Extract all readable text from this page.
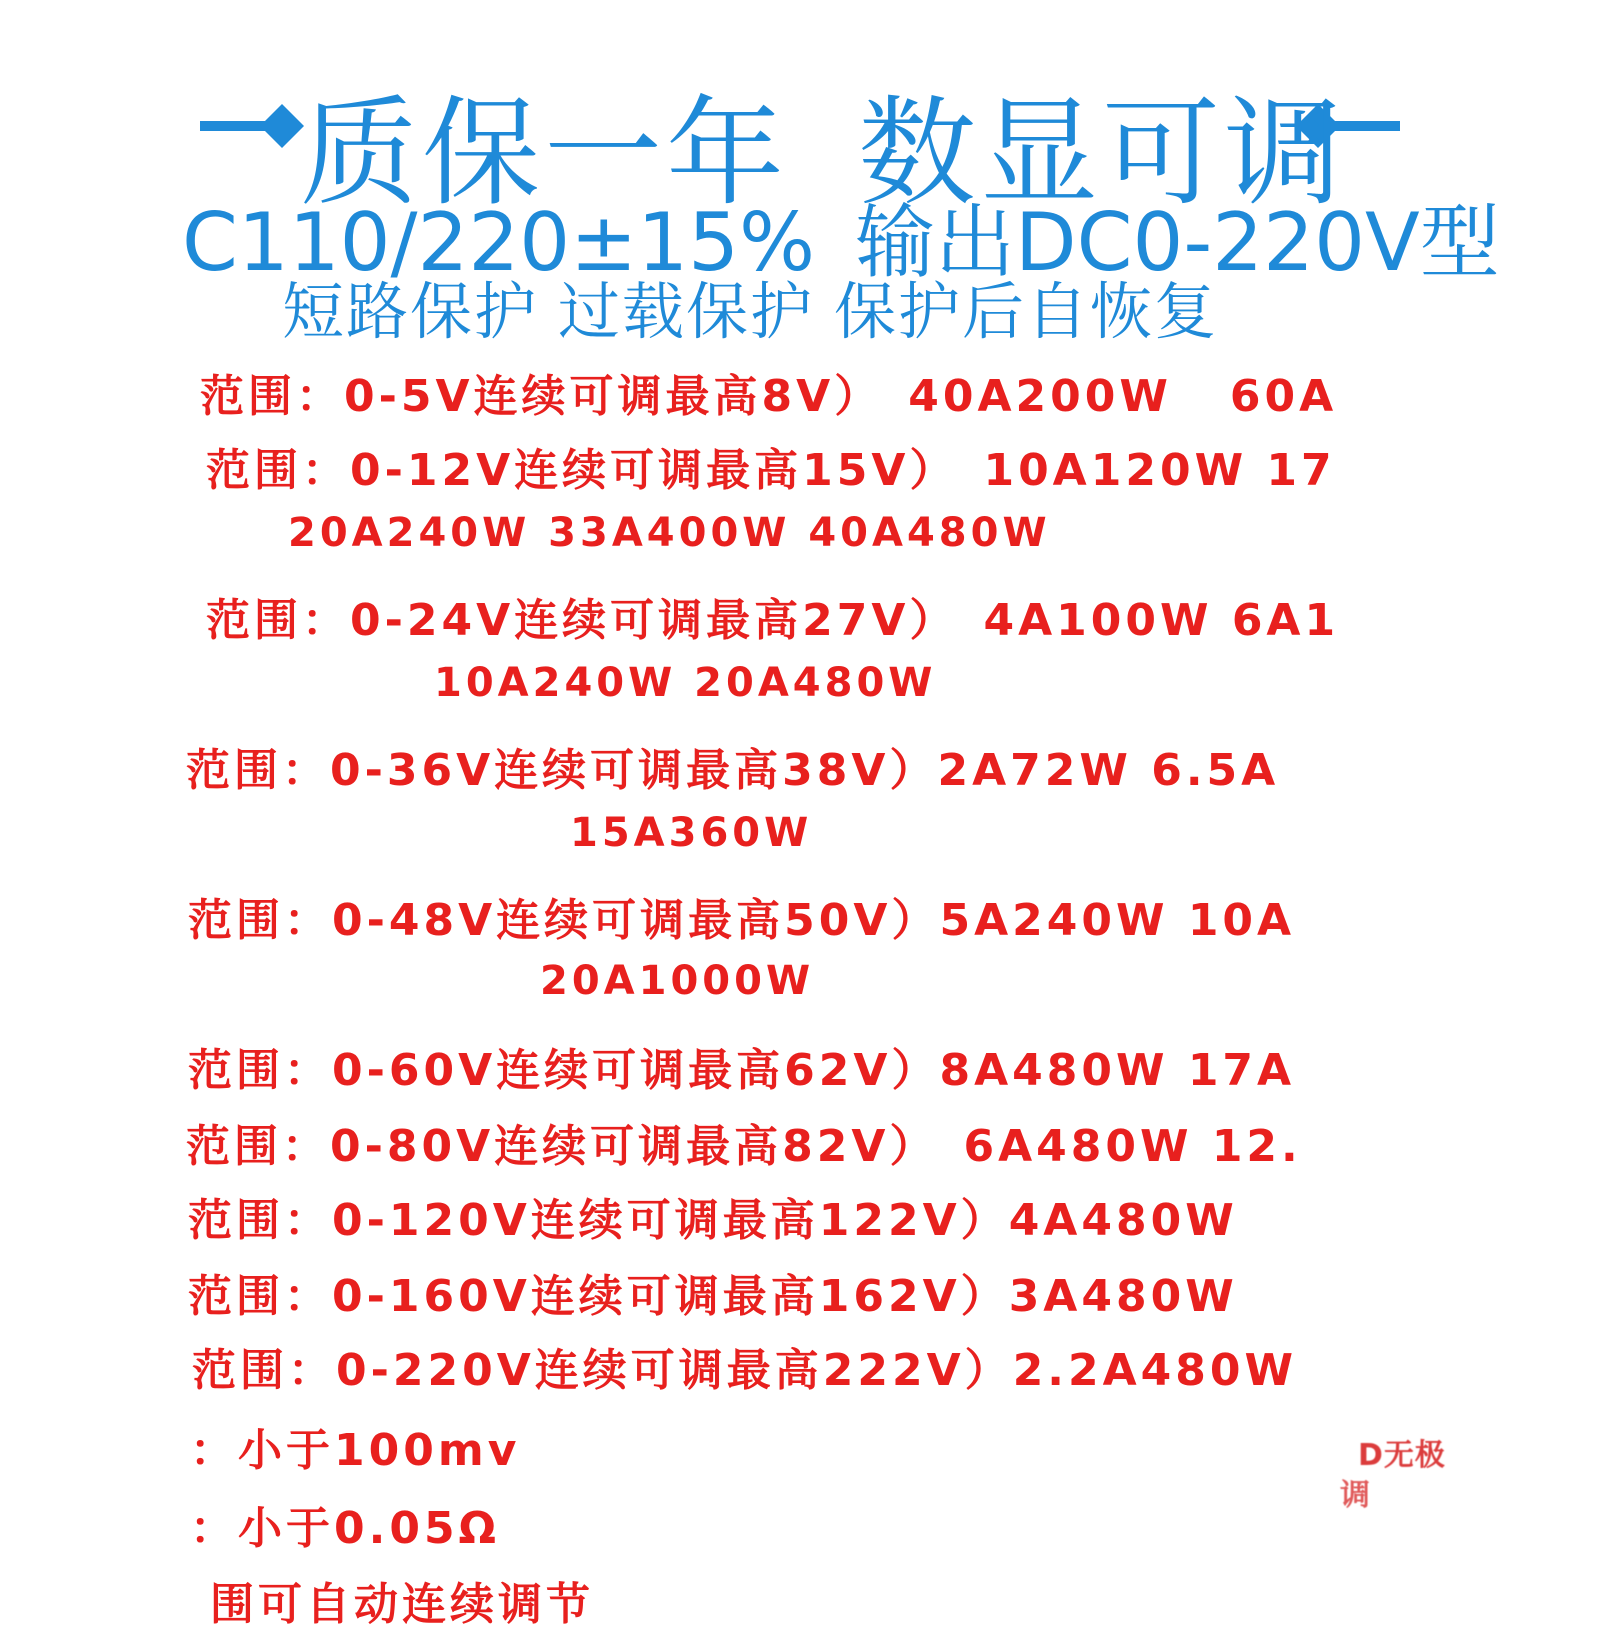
质保一年 数显可调
C110/220±15% 输出DC0-220V型
短路保护 过载保护 保护后自恢复
范围：0-5V连续可调最高8V） 40A200W   60A
范围：0-12V连续可调最高15V） 10A120W 17
20A240W 33A400W 40A480W
范围：0-24V连续可调最高27V） 4A100W 6A1
10A240W 20A480W
范围：0-36V连续可调最高38V）2A72W 6.5A
15A360W
范围：0-48V连续可调最高50V）5A240W 10A
20A1000W
范围：0-60V连续可调最高62V）8A480W 17A
范围：0-80V连续可调最高82V） 6A480W 12.
范围：0-120V连续可调最高122V）4A480W
范围：0-160V连续可调最高162V）3A480W
范围：0-220V连续可调最高222V）2.2A480W
：小于100mv
：小于0.05Ω
围可自动连续调节
D无极
调
